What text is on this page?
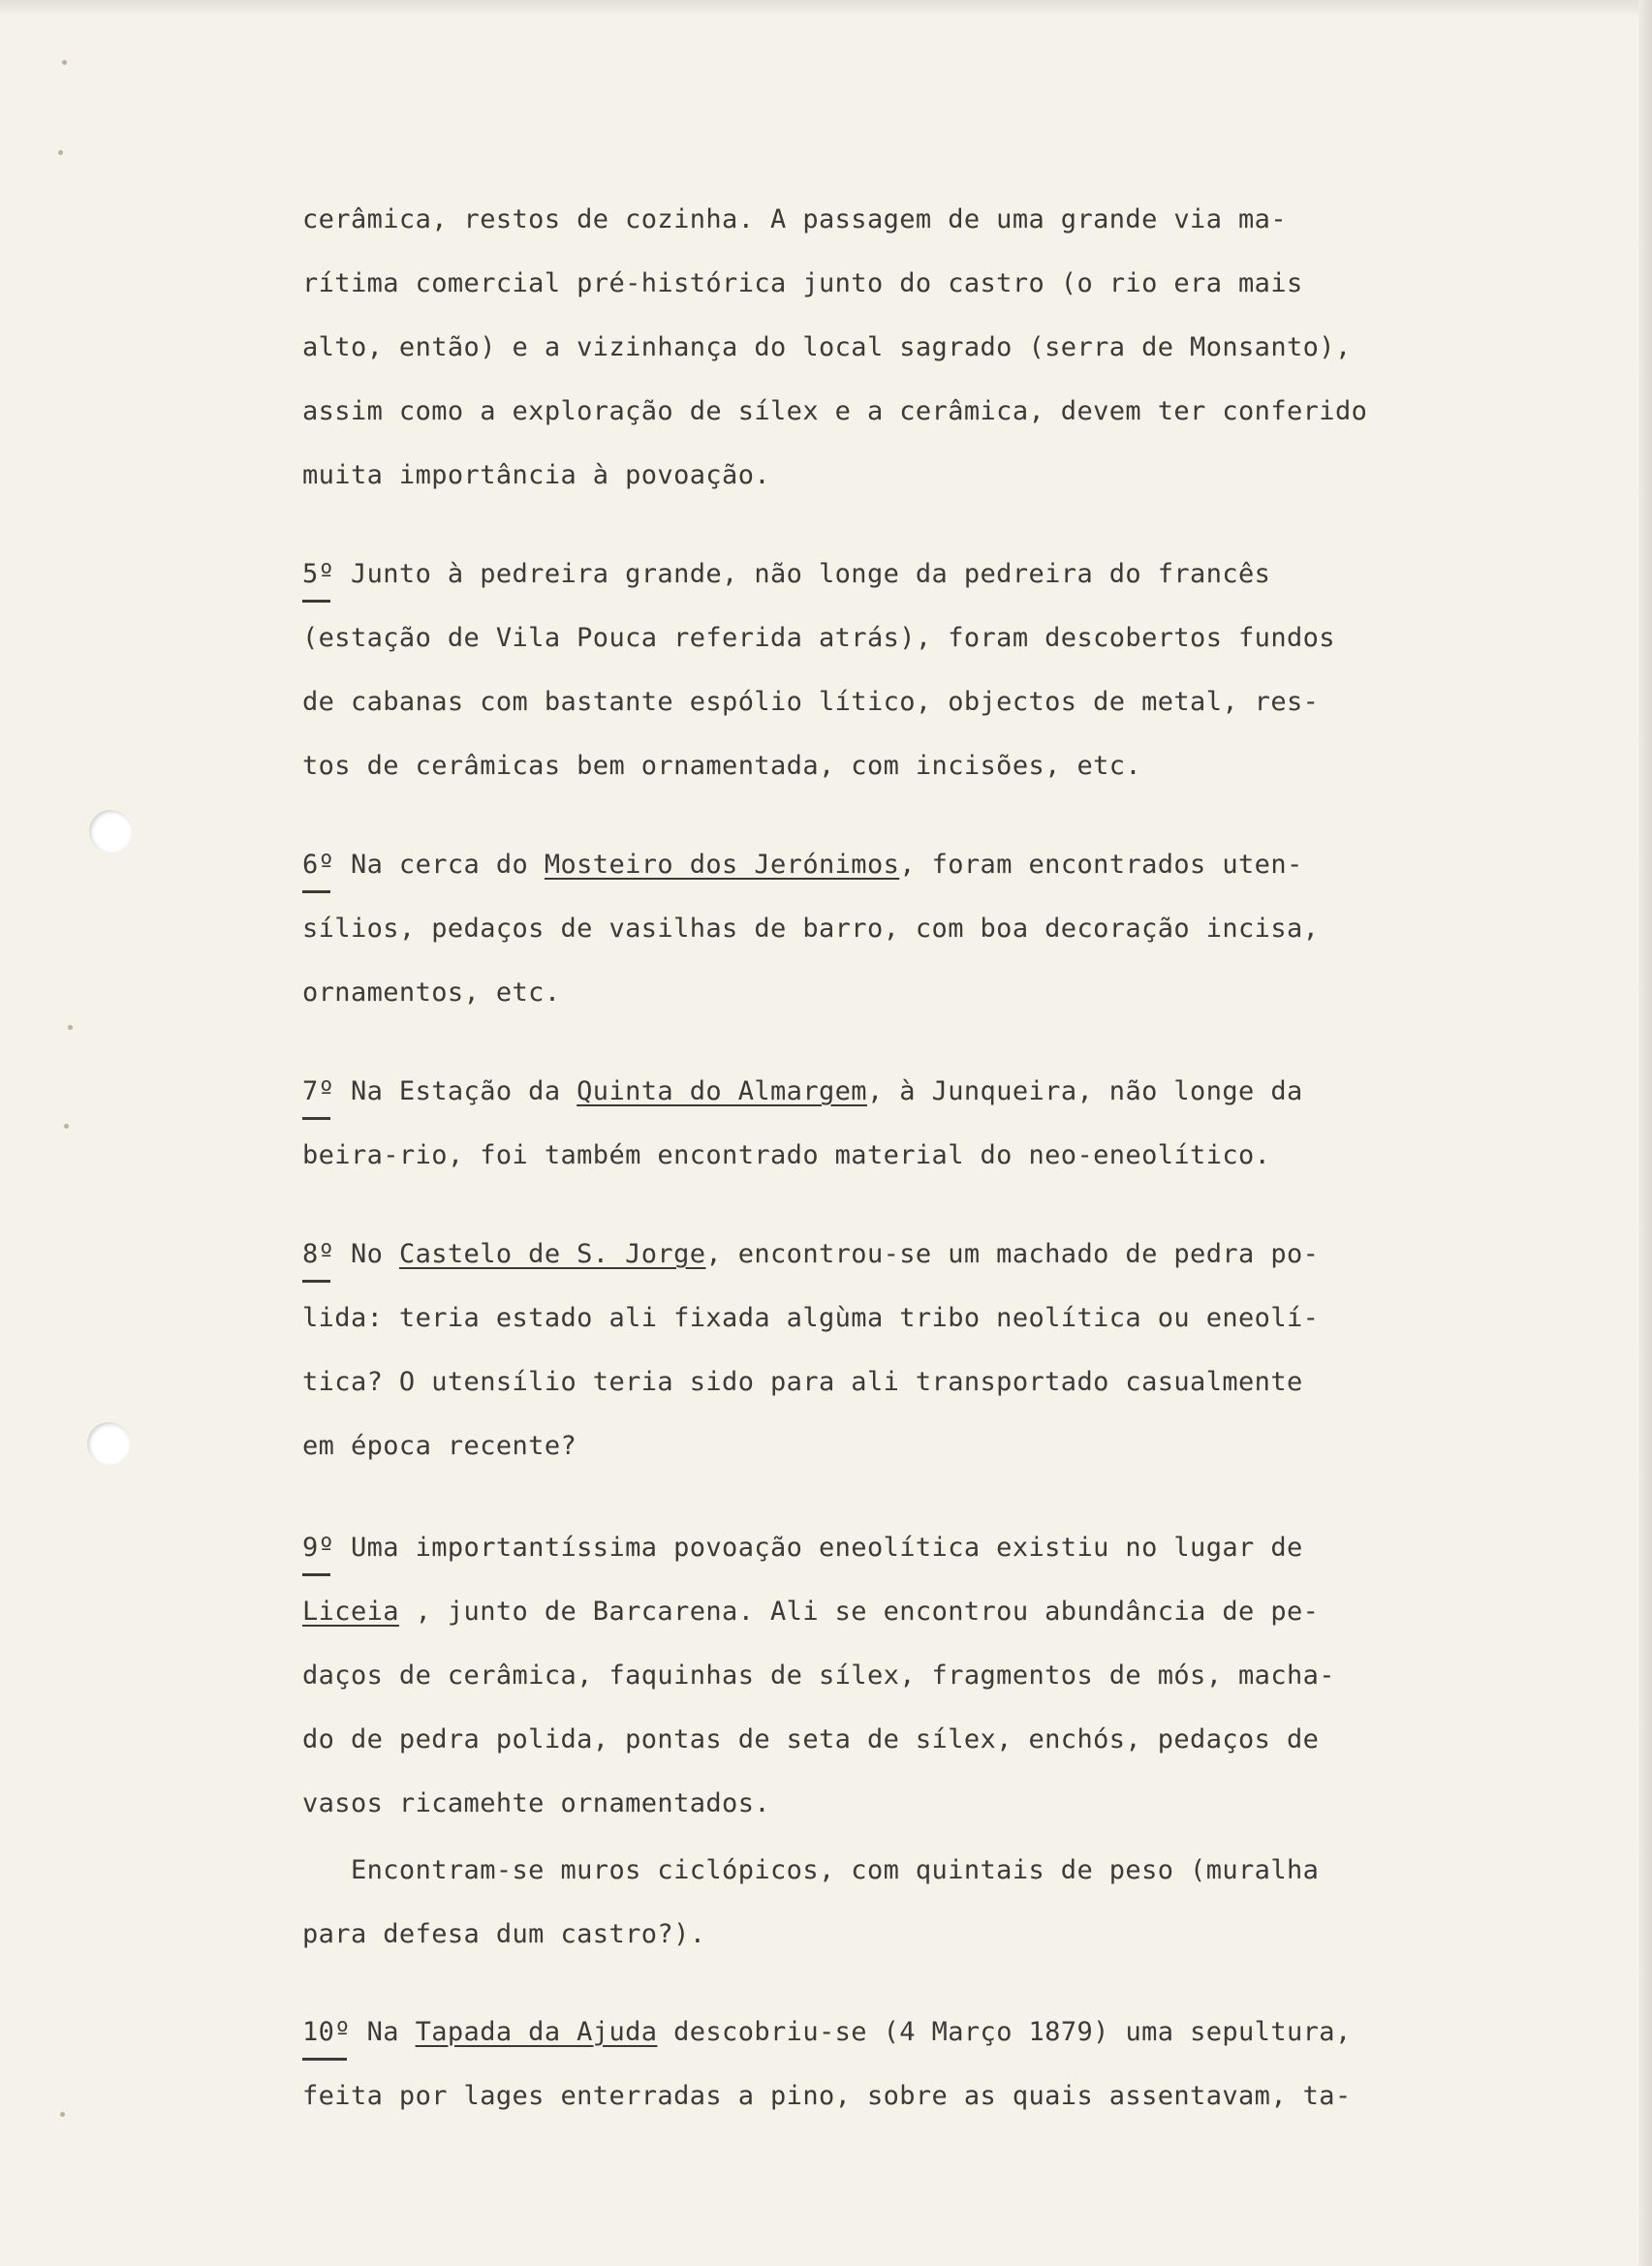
cerâmica, restos de cozinha. A passagem de uma grande via ma-
rítima comercial pré-histórica junto do castro (o rio era mais
alto, então) e a vizinhança do local sagrado (serra de Monsanto),
assim como a exploração de sílex e a cerâmica, devem ter conferido
muita importância à povoação.
5º Junto à pedreira grande, não longe da pedreira do francês
(estação de Vila Pouca referida atrás), foram descobertos fundos
de cabanas com bastante espólio lítico, objectos de metal, res-
tos de cerâmicas bem ornamentada, com incisões, etc.
6º Na cerca do Mosteiro dos Jerónimos, foram encontrados uten-
sílios, pedaços de vasilhas de barro, com boa decoração incisa,
ornamentos, etc.
7º Na Estação da Quinta do Almargem, à Junqueira, não longe da
beira-rio, foi também encontrado material do neo-eneolítico.
8º No Castelo de S. Jorge, encontrou-se um machado de pedra po-
lida: teria estado ali fixada algùma tribo neolítica ou eneolí-
tica? O utensílio teria sido para ali transportado casualmente
em época recente?
9º Uma importantíssima povoação eneolítica existiu no lugar de
Liceia , junto de Barcarena. Ali se encontrou abundância de pe-
daços de cerâmica, faquinhas de sílex, fragmentos de mós, macha-
do de pedra polida, pontas de seta de sílex, enchós, pedaços de
vasos ricamehte ornamentados.
Encontram-se muros ciclópicos, com quintais de peso (muralha
para defesa dum castro?).
10º Na Tapada da Ajuda descobriu-se (4 Março 1879) uma sepultura,
feita por lages enterradas a pino, sobre as quais assentavam, ta-
